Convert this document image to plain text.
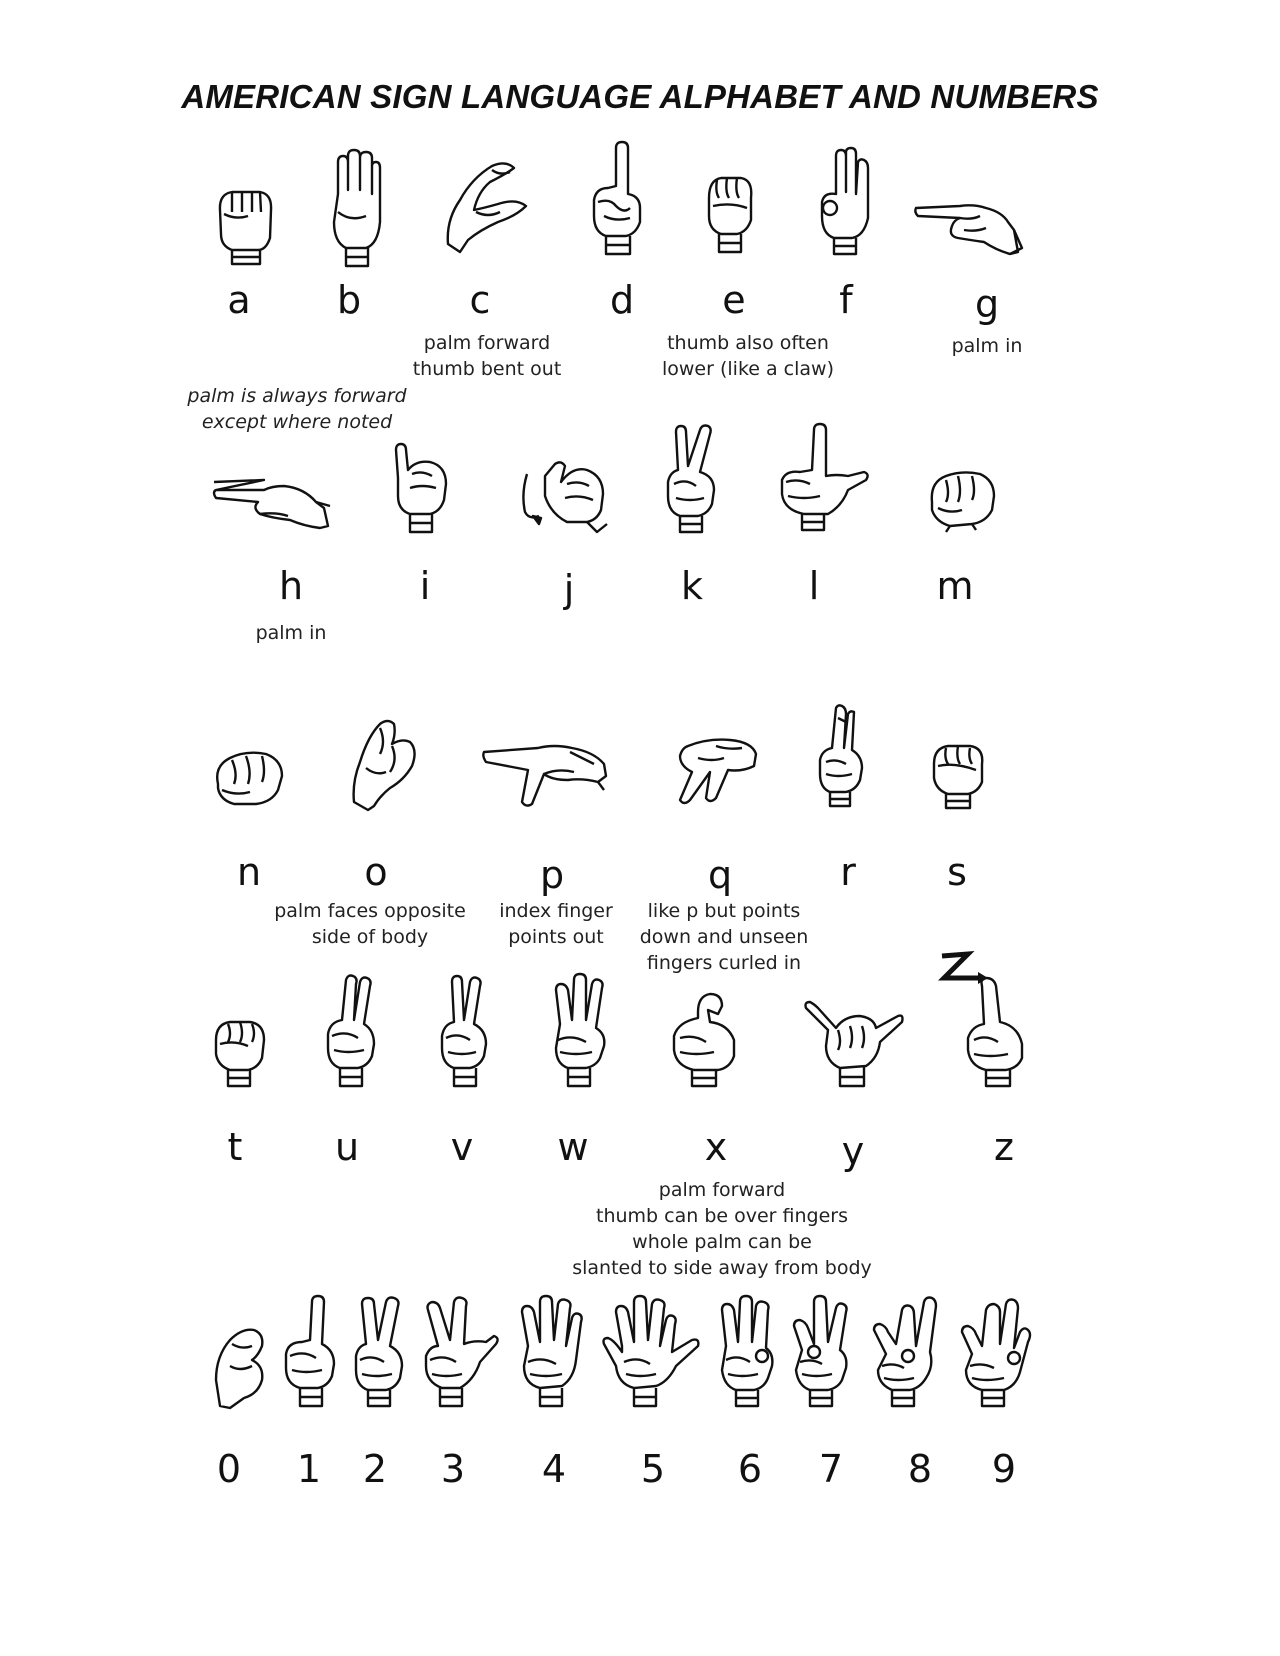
AMERICAN SIGN LANGUAGE ALPHABET AND NUMBERS
a b	c	d e f	g
palm forward
thumb bent out
thumb also often
lower (like a claw)
palm in
palm is always forward
except where noted
h	i	j	k	l	m
palm in
n	o	p	q	r s
palm faces opposite
side of body
index finger
points out
like p but points
down and unseen
fingers curled in
t u v w	x	y	z
palm forward
thumb can be over fingers
whole palm can be
slanted to side away from body
0 1 2 3 4 5 6 7 8 9
